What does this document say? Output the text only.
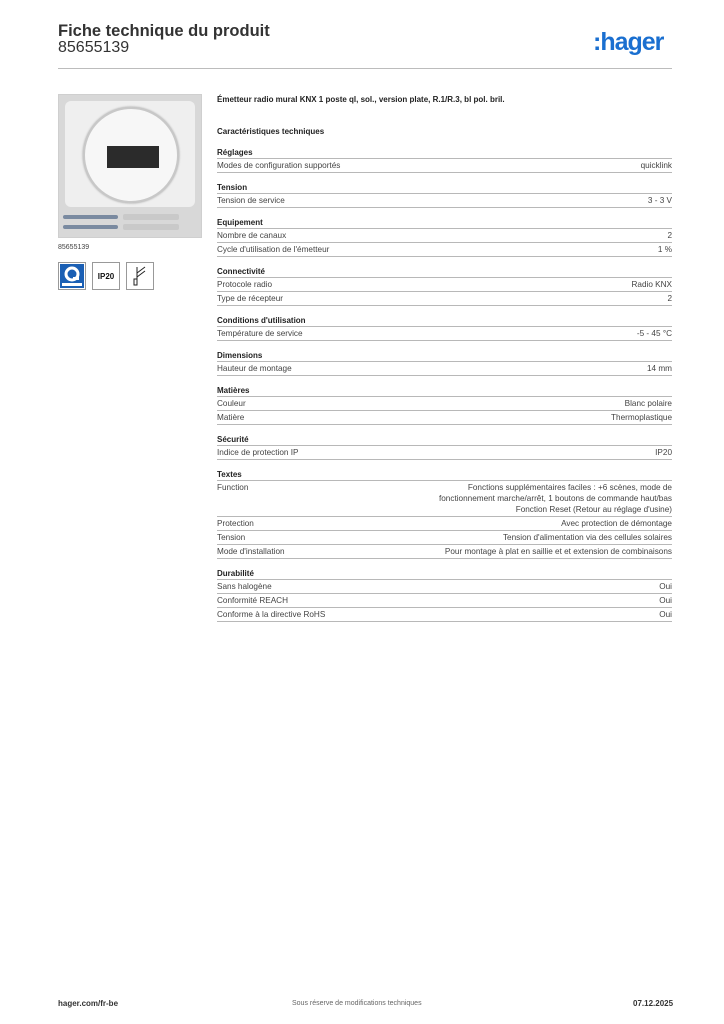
Fiche technique du produit
85655139	:hager
85655139
IP20
Émetteur radio mural KNX 1 poste ql, sol., version plate, R.1/R.3, bl pol. bril.
Caractéristiques techniques
Réglages
Modes de configuration supportés	quicklink
Tension
Tension de service	3 - 3 V
Equipement
Nombre de canaux	2
Cycle d'utilisation de l'émetteur	1 %
Connectivité
Protocole radio	Radio KNX
Type de récepteur	2
Conditions d'utilisation
Température de service	-5 - 45 °C
Dimensions
Hauteur de montage	14 mm
Matières
Couleur	Blanc polaire
Matière	Thermoplastique
Sécurité
Indice de protection IP	IP20
Textes
Function	Fonctions supplémentaires faciles : +6 scènes, mode de
fonctionnement marche/arrêt, 1 boutons de commande haut/bas
Fonction Reset (Retour au réglage d'usine)
Protection	Avec protection de démontage
Tension	Tension d'alimentation via des cellules solaires
Mode d'installation	Pour montage à plat en saillie et et extension de combinaisons
Durabilité
Sans halogène	Oui
Conformité REACH	Oui
Conforme à la directive RoHS	Oui
hager.com/fr-be	Sous réserve de modifications techniques	07.12.2025
